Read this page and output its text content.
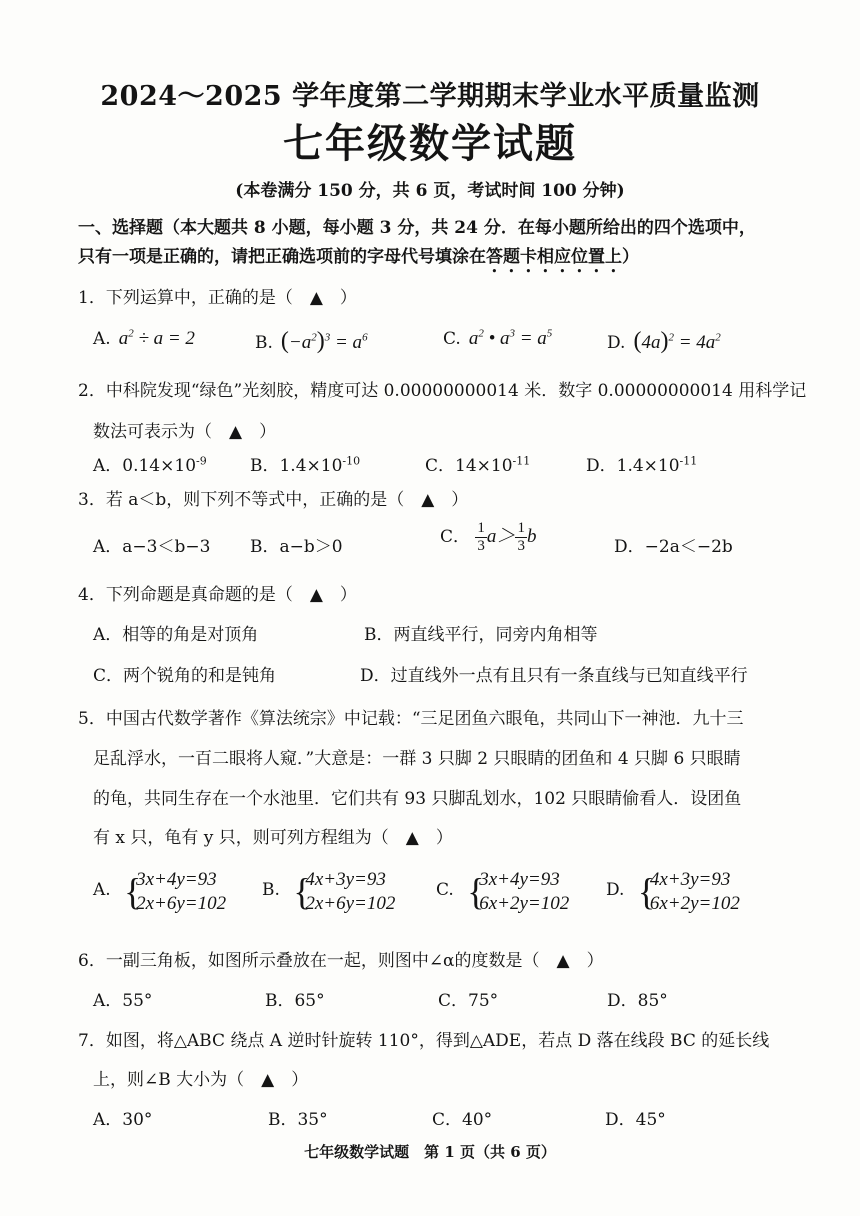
2024～2025 学年度第二学期期末学业水平质量监测
七年级数学试题
(本卷满分 150 分，共 6 页，考试时间 100 分钟)
一、选择题（本大题共 8 小题，每小题 3 分，共 24 分．在每小题所给出的四个选项中，
只有一项是正确的，请把正确选项前的字母代号填涂在答题卡相应位置上）
1．下列运算中，正确的是（　▲　）
A. $a^2 \div a = 2$	B. $(-a^2)^3 = a^6$	C. $a^2$ • $a^3 = a^5$	D. $(4a)^2 = 4a^2$
2．中科院发现“绿色”光刻胶，精度可达 0.00000000014 米．数字 0.00000000014 用科学记
数法可表示为（　▲　）
A．$0.14\times 10^{-9}$	B．$1.4\times 10^{-10}$	C．$14\times 10^{-11}$	D．$1.4\times 10^{-11}$
3．若 a＜b，则下列不等式中，正确的是（　▲　）
A．a−3＜b−3 B．a−b＞0
C． $\frac{1}{3} a> \frac{1}{3}$ b
D．−2a＜−2b
4．下列命题是真命题的是（　▲　）
A．相等的角是对顶角	B．两直线平行，同旁内角相等
C．两个锐角的和是钝角	D．过直线外一点有且只有一条直线与已知直线平行
5．中国古代数学著作《算法统宗》中记载：“三足团鱼六眼龟，共同山下一神池．九十三
足乱浮水，一百二眼将人窥．”大意是：一群 3 只脚 2 只眼睛的团鱼和 4 只脚 6 只眼睛
的龟，共同生存在一个水池里．它们共有 93 只脚乱划水，102 只眼睛偷看人．设团鱼
有 x 只，龟有 y 只，则可列方程组为（　▲　）
A. {
3x+4y=93
2x+6y=102
B. {
4x+3y=93
2x+6y=102
C. {
3x+4y=93
6x+2y=102
D. {
4x+3y=93
6x+2y=102
6．一副三角板，如图所示叠放在一起，则图中∠α的度数是（　▲　）
A．55°	B．65°	C．75°	D．85°
7．如图，将△ABC 绕点 A 逆时针旋转 110°，得到△ADE，若点 D 落在线段 BC 的延长线
上，则∠B 大小为（　▲　）
A．30°	B．35°	C．40°	D．45°
七年级数学试题　第 1 页（共 6 页）
